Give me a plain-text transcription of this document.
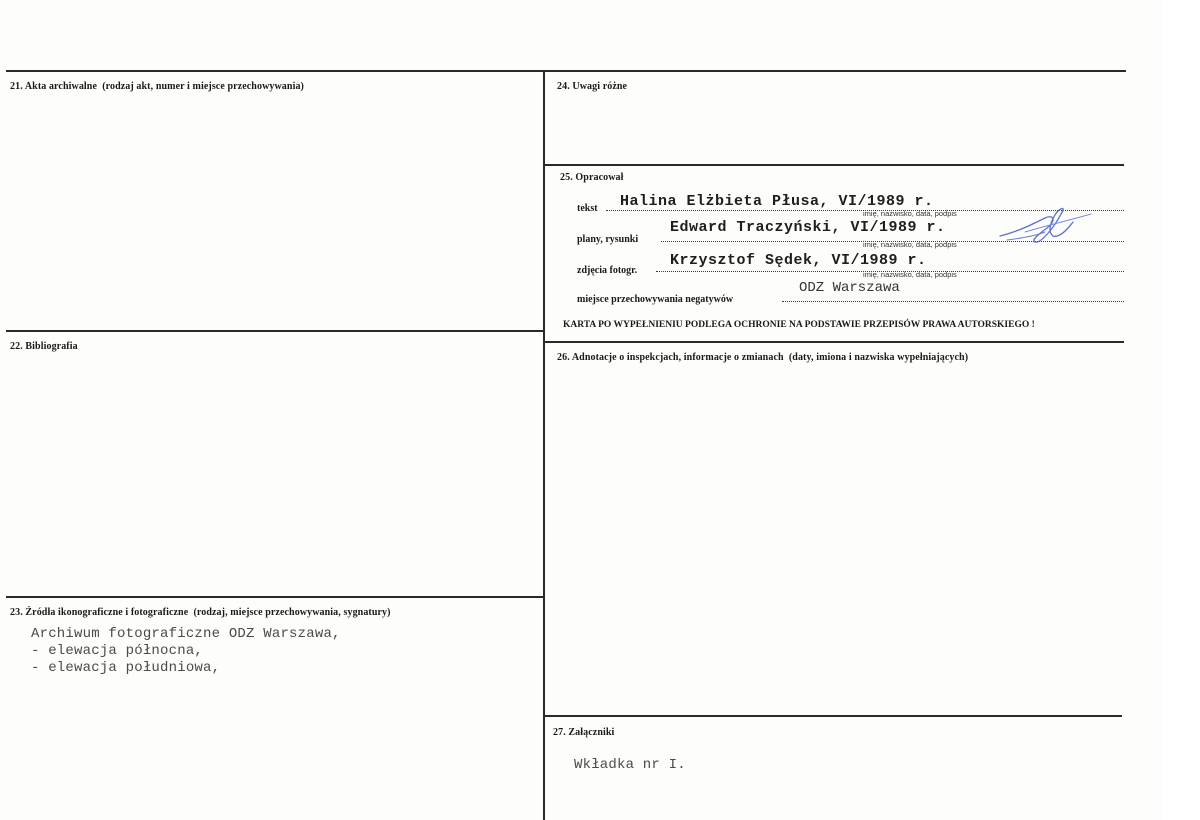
21. Akta archiwalne (rodzaj akt, numer i miejsce przechowywania)
22. Bibliografia
23. Źródła ikonograficzne i fotograficzne (rodzaj, miejsce przechowywania, sygnatury)
Archiwum fotograficzne ODZ Warszawa,
- elewacja północna,
- elewacja południowa,
24. Uwagi różne
25. Opracował
tekst Halina Elżbieta Płusa, VI/1989 r.
imię, nazwisko, data, podpis
plany, rysunki
Edward Traczyński, VI/1989 r.
imię, nazwisko, data, podpis
zdjęcia fotogr.
Krzysztof Sędek, VI/1989 r.
imię, nazwisko, data, podpis
miejsce przechowywania negatywów
ODZ Warszawa
KARTA PO WYPEŁNIENIU PODLEGA OCHRONIE NA PODSTAWIE PRZEPISÓW PRAWA AUTORSKIEGO !
26. Adnotacje o inspekcjach, informacje o zmianach (daty, imiona i nazwiska wypełniających)
27. Załączniki
Wkładka nr I.
